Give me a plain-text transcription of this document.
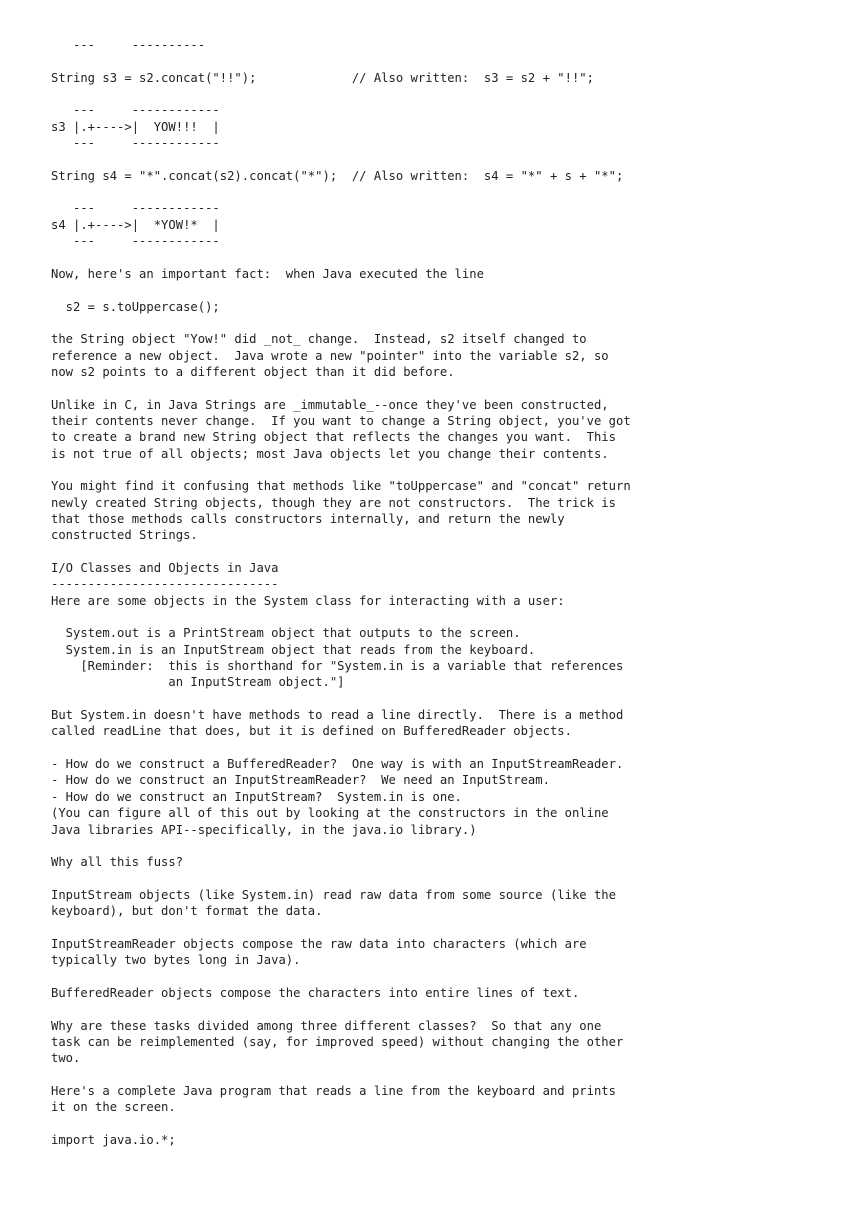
---     ----------
String s3 = s2.concat("!!");             // Also written:  s3 = s2 + "!!";
---     ------------
s3 |.+---->|  YOW!!!  |
---     ------------
String s4 = "*".concat(s2).concat("*");  // Also written:  s4 = "*" + s + "*";
---     ------------
s4 |.+---->|  *YOW!*  |
---     ------------
Now, here's an important fact:  when Java executed the line
s2 = s.toUppercase();
the String object "Yow!" did _not_ change.  Instead, s2 itself changed to
reference a new object.  Java wrote a new "pointer" into the variable s2, so
now s2 points to a different object than it did before.
Unlike in C, in Java Strings are _immutable_--once they've been constructed,
their contents never change.  If you want to change a String object, you've got
to create a brand new String object that reflects the changes you want.  This
is not true of all objects; most Java objects let you change their contents.
You might find it confusing that methods like "toUppercase" and "concat" return
newly created String objects, though they are not constructors.  The trick is
that those methods calls constructors internally, and return the newly
constructed Strings.
I/O Classes and Objects in Java
-------------------------------
Here are some objects in the System class for interacting with a user:
System.out is a PrintStream object that outputs to the screen.
System.in is an InputStream object that reads from the keyboard.
[Reminder:  this is shorthand for "System.in is a variable that references
an InputStream object."]
But System.in doesn't have methods to read a line directly.  There is a method
called readLine that does, but it is defined on BufferedReader objects.
- How do we construct a BufferedReader?  One way is with an InputStreamReader.
- How do we construct an InputStreamReader?  We need an InputStream.
- How do we construct an InputStream?  System.in is one.
(You can figure all of this out by looking at the constructors in the online
Java libraries API--specifically, in the java.io library.)
Why all this fuss?
InputStream objects (like System.in) read raw data from some source (like the
keyboard), but don't format the data.
InputStreamReader objects compose the raw data into characters (which are
typically two bytes long in Java).
BufferedReader objects compose the characters into entire lines of text.
Why are these tasks divided among three different classes?  So that any one
task can be reimplemented (say, for improved speed) without changing the other
two.
Here's a complete Java program that reads a line from the keyboard and prints
it on the screen.
import java.io.*;
